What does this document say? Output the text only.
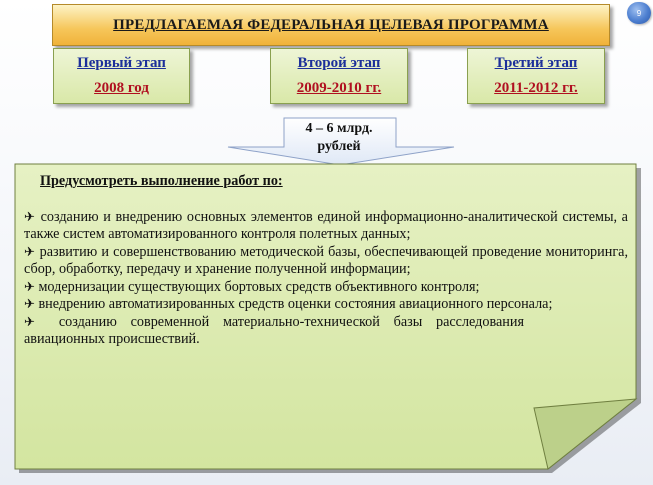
ПРЕДЛАГАЕМАЯ ФЕДЕРАЛЬНАЯ ЦЕЛЕВАЯ ПРОГРАММА
9
Первый этап
2008 год
Второй этап
2009-2010 гг.
Третий этап
2011-2012 гг.
4 – 6 млрд.
рублей
Предусмотреть выполнение работ по:
✈ созданию и внедрению основных элементов единой информационно-аналитической системы, а также систем автоматизированного контроля полетных данных;
✈ развитию и совершенствованию методической базы, обеспечивающей проведение мониторинга, сбор, обработку, передачу и хранение полученной информации;
✈ модернизации существующих бортовых средств объективного контроля;
✈ внедрению автоматизированных средств оценки состояния авиационного персонала;
✈ созданию современной материально-технической базы расследования авиационных происшествий.
